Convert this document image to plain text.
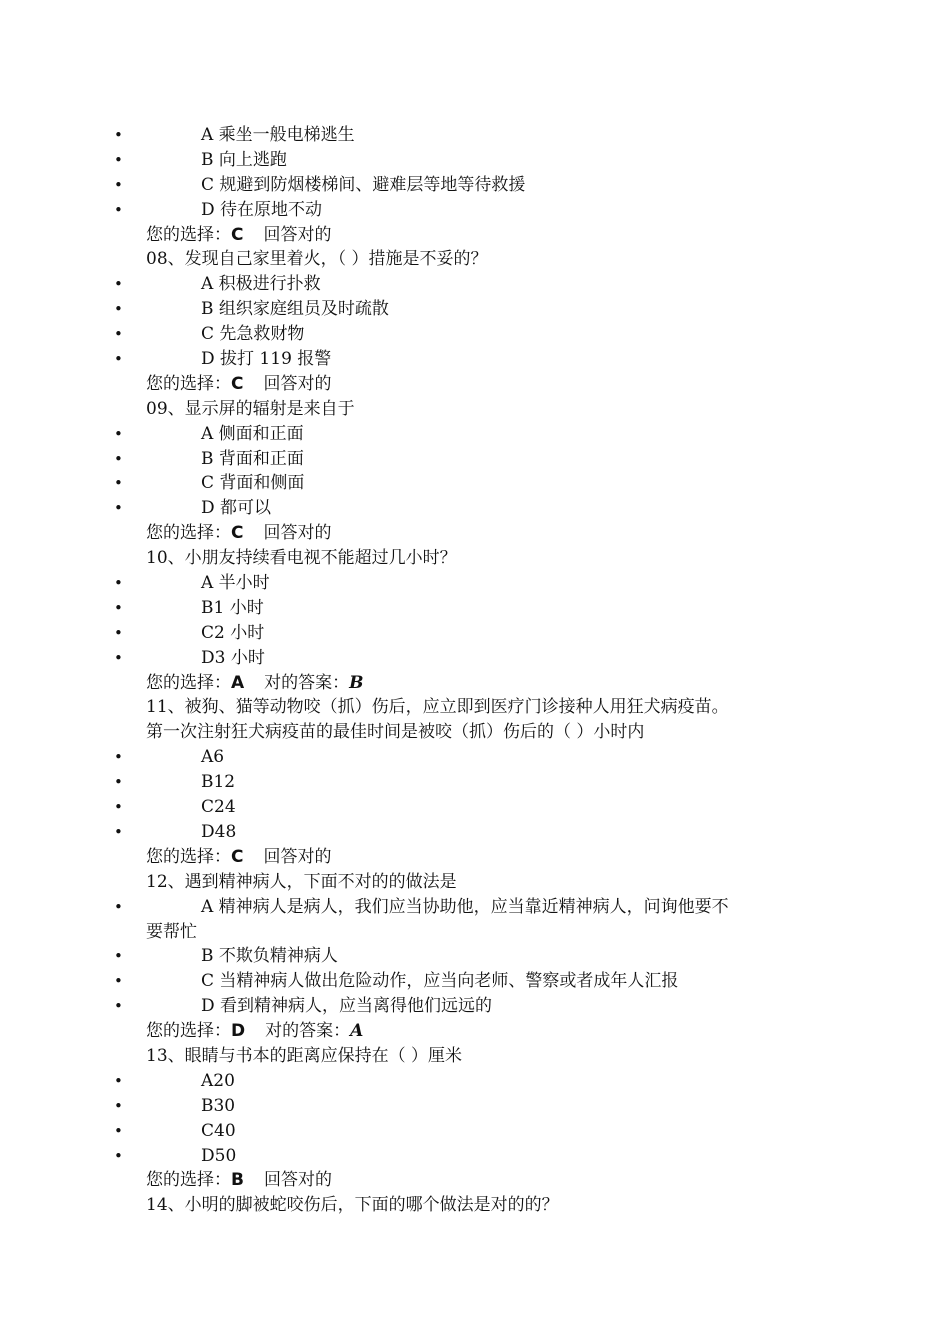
•	A 乘坐一般电梯逃生
•	B 向上逃跑
•	C 规避到防烟楼梯间、避难层等地等待救援
•	D 待在原地不动
您的选择：C 回答对的
08、发现自己家里着火，（ ）措施是不妥的？
•	A 积极进行扑救
•	B 组织家庭组员及时疏散
•	C 先急救财物
•	D 拔打 119 报警
您的选择：C 回答对的
09、显示屏的辐射是来自于
•	A 侧面和正面
•	B 背面和正面
•	C 背面和侧面
•	D 都可以
您的选择：C 回答对的
10、小朋友持续看电视不能超过几小时？
•	A 半小时
•	B1 小时
•	C2 小时
•	D3 小时
您的选择：A 对的答案：B
11、被狗、猫等动物咬（抓）伤后，应立即到医疗门诊接种人用狂犬病疫苗。
第一次注射狂犬病疫苗的最佳时间是被咬（抓）伤后的（ ）小时内
•	A6
•	B12
•	C24
•	D48
您的选择：C 回答对的
12、遇到精神病人，下面不对的的做法是
•	A 精神病人是病人，我们应当协助他，应当靠近精神病人，问询他要不
要帮忙
•	B 不欺负精神病人
•	C 当精神病人做出危险动作，应当向老师、警察或者成年人汇报
•	D 看到精神病人，应当离得他们远远的
您的选择：D 对的答案：A
13、眼睛与书本的距离应保持在（ ）厘米
•	A20
•	B30
•	C40
•	D50
您的选择：B 回答对的
14、小明的脚被蛇咬伤后，下面的哪个做法是对的的？
